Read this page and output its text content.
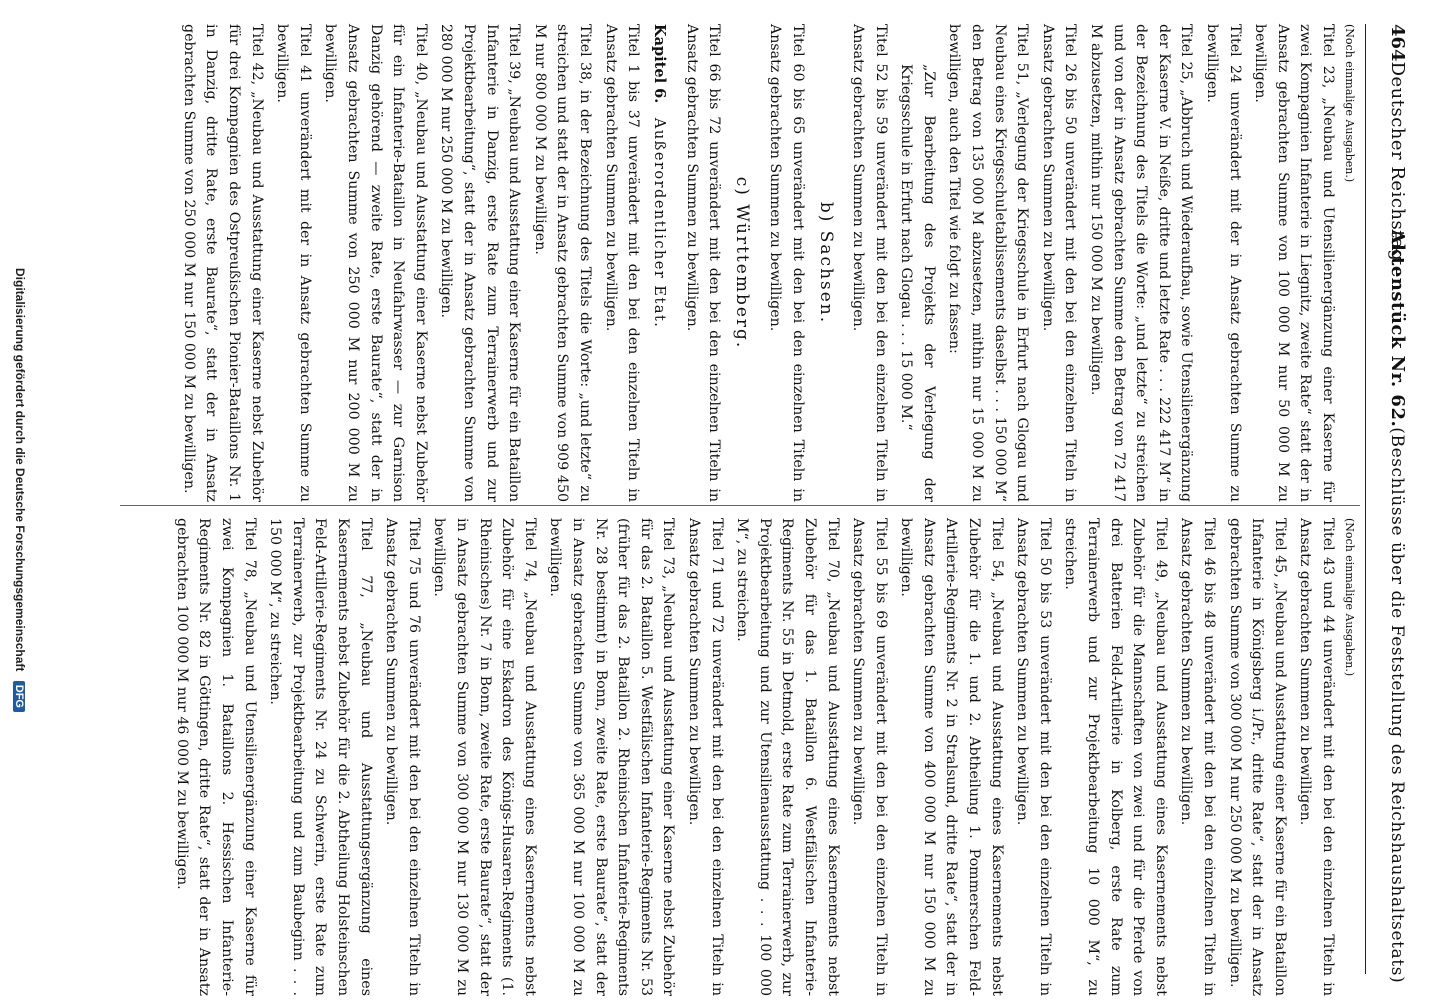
464
Deutscher Reichstag.
Aktenstück Nr. 62.
(Beschlüsse über die Feststellung des Reichshaushaltsetats)

(Noch einmalige Ausgaben.)

Titel 23, „Neubau und Utensilienergänzung einer Kaserne für zwei Kompagnien Infanterie in Liegnitz, zweite Rate“ statt der in Ansatz gebrachten Summe von 100 000 M nur 50 000 M zu bewilligen.

Titel 24 unverändert mit der in Ansatz gebrachten Summe zu bewilligen.

Titel 25, „Abbruch und Wiederaufbau, sowie Utensilienergänzung der Kaserne V. in Neiße, dritte und letzte Rate . . . 222 417 M“ in der Bezeichnung des Titels die Worte: „und letzte“ zu streichen und von der in Ansatz gebrachten Summe den Betrag von 72 417 M abzusetzen, mithin nur 150 000 M zu bewilligen.

Titel 26 bis 50 unverändert mit den bei den einzelnen Titeln in Ansatz gebrachten Summen zu bewilligen.

Titel 51, „Verlegung der Kriegsschule in Erfurt nach Glogau und Neubau eines Kriegsschuletablissements daselbst . . . 150 000 M“ den Betrag von 135 000 M abzusetzen, mithin nur 15 000 M zu bewilligen, auch den Titel wie folgt zu fassen:

„Zur Bearbeitung des Projekts der Verlegung der Kriegsschule in Erfurt nach Glogau . . . 15 000 M.“

Titel 52 bis 59 unverändert mit den bei den einzelnen Titeln in Ansatz gebrachten Summen zu bewilligen.

b) Sachsen.

Titel 60 bis 65 unverändert mit den bei den einzelnen Titeln in Ansatz gebrachten Summen zu bewilligen.

c) Württemberg.

Titel 66 bis 72 unverändert mit den bei den einzelnen Titeln in Ansatz gebrachten Summen zu bewilligen.

Kapitel 6. Außerordentlicher Etat.

Titel 1 bis 37 unverändert mit den bei den einzelnen Titeln in Ansatz gebrachten Summen zu bewilligen.

Titel 38, in der Bezeichnung des Titels die Worte: „und letzte“ zu streichen und statt der in Ansatz gebrachten Summe von 909 450 M nur 800 000 M zu bewilligen.

Titel 39, „Neubau und Ausstattung einer Kaserne für ein Bataillon Infanterie in Danzig, erste Rate zum Terrainerwerb und zur Projektbearbeitung“, statt der in Ansatz gebrachten Summe von 280 000 M nur 250 000 M zu bewilligen.

Titel 40, „Neubau und Ausstattung einer Kaserne nebst Zubehör für ein Infanterie-Bataillon in Neufahrwasser — zur Garnison Danzig gehörend — zweite Rate, erste Baurate“, statt der in Ansatz gebrachten Summe von 250 000 M nur 200 000 M zu bewilligen.

Titel 41 unverändert mit der in Ansatz gebrachten Summe zu bewilligen.

Titel 42, „Neubau und Ausstattung einer Kaserne nebst Zubehör für drei Kompagnien des Ostpreußischen Pionier-Bataillons Nr. 1 in Danzig, dritte Rate, erste Baurate“, statt der in Ansatz gebrachten Summe von 250 000 M nur 150 000 M zu bewilligen.

(Noch einmalige Ausgaben.)

Titel 43 und 44 unverändert mit den bei den einzelnen Titeln in Ansatz gebrachten Summen zu bewilligen.

Titel 45, „Neubau und Ausstattung einer Kaserne für ein Bataillon Infanterie in Königsberg i./Pr., dritte Rate“, statt der in Ansatz gebrachten Summe von 300 000 M nur 250 000 M zu bewilligen.

Titel 46 bis 48 unverändert mit den bei den einzelnen Titeln in Ansatz gebrachten Summen zu bewilligen.

Titel 49, „Neubau und Ausstattung eines Kasernements nebst Zubehör für die Mannschaften von zwei und für die Pferde von drei Batterien Feld-Artillerie in Kolberg, erste Rate zum Terrainerwerb und zur Projektbearbeitung 10 000 M“, zu streichen.

Titel 50 bis 53 unverändert mit den bei den einzelnen Titeln in Ansatz gebrachten Summen zu bewilligen.

Titel 54, „Neubau und Ausstattung eines Kasernements nebst Zubehör für die 1. und 2. Abtheilung 1. Pommerschen Feld-Artillerie-Regiments Nr. 2 in Stralsund, dritte Rate“, statt der in Ansatz gebrachten Summe von 400 000 M nur 150 000 M zu bewilligen.

Titel 55 bis 69 unverändert mit den bei den einzelnen Titeln in Ansatz gebrachten Summen zu bewilligen.

Titel 70, „Neubau und Ausstattung eines Kasernements nebst Zubehör für das 1. Bataillon 6. Westfälischen Infanterie-Regiments Nr. 55 in Detmold, erste Rate zum Terrainerwerb, zur Projektbearbeitung und zur Utensilienausstattung . . . 100 000 M“, zu streichen.

Titel 71 und 72 unverändert mit den bei den einzelnen Titeln in Ansatz gebrachten Summen zu bewilligen.

Titel 73, „Neubau und Ausstattung einer Kaserne nebst Zubehör für das 2. Bataillon 5. Westfälischen Infanterie-Regiments Nr. 53 (früher für das 2. Bataillon 2. Rheinischen Infanterie-Regiments Nr. 28 bestimmt) in Bonn, zweite Rate, erste Baurate“, statt der in Ansatz gebrachten Summe von 365 000 M nur 100 000 M zu bewilligen.

Titel 74, „Neubau und Ausstattung eines Kasernements nebst Zubehör für eine Eskadron des Königs-Husaren-Regiments (1. Rheinisches) Nr. 7 in Bonn, zweite Rate, erste Baurate“, statt der in Ansatz gebrachten Summe von 300 000 M nur 130 000 M zu bewilligen.

Titel 75 und 76 unverändert mit den bei den einzelnen Titeln in Ansatz gebrachten Summen zu bewilligen.

Titel 77, „Neubau und Ausstattungsergänzung eines Kasernements nebst Zubehör für die 2. Abtheilung Holsteinschen Feld-Artillerie-Regiments Nr. 24 zu Schwerin, erste Rate zum Terrainerwerb, zur Projektbearbeitung und zum Baubeginn . . . 150 000 M“, zu streichen.

Titel 78, „Neubau und Utensilienergänzung einer Kaserne für zwei Kompagnien 1. Bataillons 2. Hessischen Infanterie-Regiments Nr. 82 in Göttingen, dritte Rate“, statt der in Ansatz gebrachten 100 000 M nur 46 000 M zu bewilligen.

Digitalisierung gefördert durch die Deutsche Forschungsgemeinschaft DFG
